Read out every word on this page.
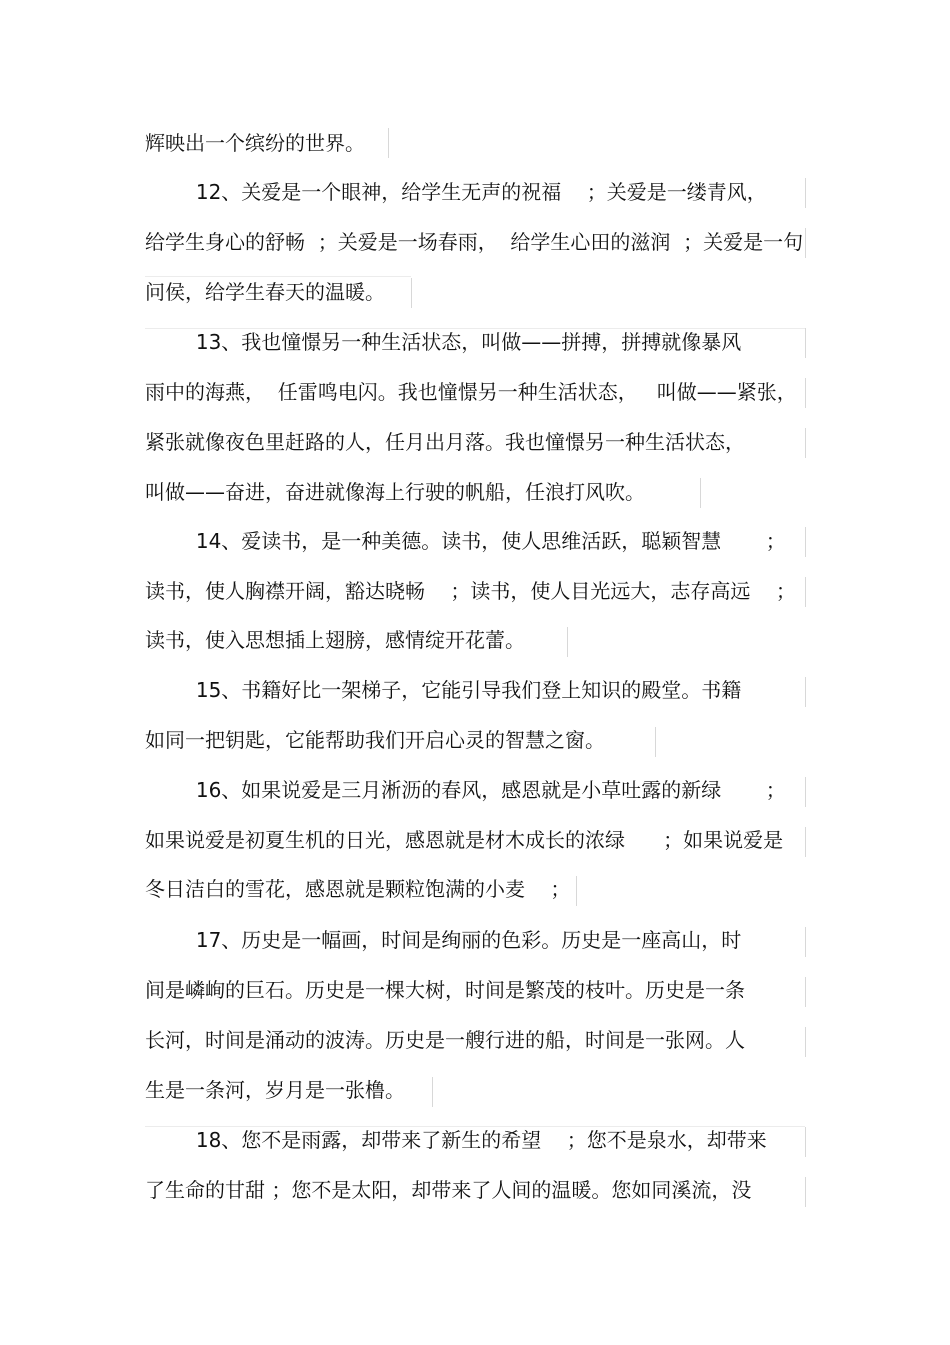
辉映出一个缤纷的世界。
12、关爱是一个眼神，给学生无声的祝福    ；关爱是一缕青风，
给学生身心的舒畅  ；关爱是一场春雨，  给学生心田的滋润  ；关爱是一句
问侯，给学生春天的温暖。
13、我也憧憬另一种生活状态，叫做——拼搏，拼搏就像暴风
雨中的海燕，  任雷鸣电闪。我也憧憬另一种生活状态，   叫做——紧张，
紧张就像夜色里赶路的人，任月出月落。我也憧憬另一种生活状态，
叫做——奋进，奋进就像海上行驶的帆船，任浪打风吹。
14、爱读书，是一种美德。读书，使人思维活跃，聪颖智慧       ；
读书，使人胸襟开阔，豁达晓畅    ；读书，使人目光远大，志存高远    ；
读书，使入思想插上翅膀，感情绽开花蕾。
15、书籍好比一架梯子，它能引导我们登上知识的殿堂。书籍
如同一把钥匙，它能帮助我们开启心灵的智慧之窗。
16、如果说爱是三月淅沥的春风，感恩就是小草吐露的新绿       ；
如果说爱是初夏生机的日光，感恩就是材木成长的浓绿      ；如果说爱是
冬日洁白的雪花，感恩就是颗粒饱满的小麦    ；
17、历史是一幅画，时间是绚丽的色彩。历史是一座高山，时
间是嶙峋的巨石。历史是一棵大树，时间是繁茂的枝叶。历史是一条
长河，时间是涌动的波涛。历史是一艘行进的船，时间是一张网。人
生是一条河，岁月是一张橹。
18、您不是雨露，却带来了新生的希望    ；您不是泉水，却带来
了生命的甘甜 ；您不是太阳，却带来了人间的温暖。您如同溪流，没
